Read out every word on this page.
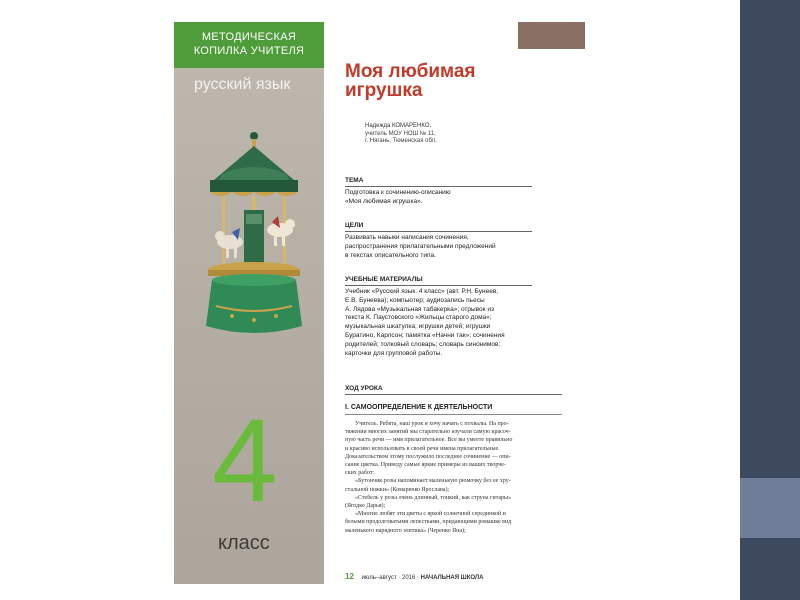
МЕТОДИЧЕСКАЯ
КОПИЛКА УЧИТЕЛЯ
русский язык
4
класс
Моя любимая
игрушка
Надежда КОМАРЕНКО,
учитель МОУ НОШ № 11,
г. Нягань, Тюменская обл.
ТЕМА
Подготовка к сочинению-описанию
«Моя любимая игрушка».
ЦЕЛИ
Развивать навыки написания сочинения,
распространения прилагательными предложений
в текстах описательного типа.
УЧЕБНЫЕ МАТЕРИАЛЫ
Учебник «Русский язык. 4 класс» (авт. Р.Н. Бунеев,
Е.В. Бунеева); компьютер; аудиозапись пьесы
А. Лядова «Музыкальная табакерка»; отрывок из
текста К. Паустовского «Жильцы старого дома»;
музыкальная шкатулка; игрушки детей; игрушки
Буратино, Карлсон; памятка «Начни так»; сочинения
родителей; толковый словарь; словарь синонимов;
карточки для групповой работы.
ХОД УРОКА
I. САМООПРЕДЕЛЕНИЕ К ДЕЯТЕЛЬНОСТИ
Учитель. Ребята, наш урок я хочу начать с похвалы. На про-
тяжении многих занятий мы старательно изучали самую красоч-
ную часть речи — имя прилагательное. Все вы умеете правильно
и красиво использовать в своей речи имена прилагательные.
Доказательством этому послужило последнее сочинение — опи-
сание цветка. Приведу самые яркие примеры из ваших творче-
ских работ:
«Бутончик розы напоминает маленькую рюмочку без ее хру-
стальной ножки» (Комаренко Ярослава);
«Стебель у розы очень длинный, тонкий, как струна гитары»
(Ягодко Дарья);
«Многие любят эти цветы с яркой солнечной серединкой и
белыми продолговатыми лепестками, придающими ромашке вид
маленького нарядного зонтика» (Черенко Яна);
12 июль–август · 2016 · НАЧАЛЬНАЯ ШКОЛА
